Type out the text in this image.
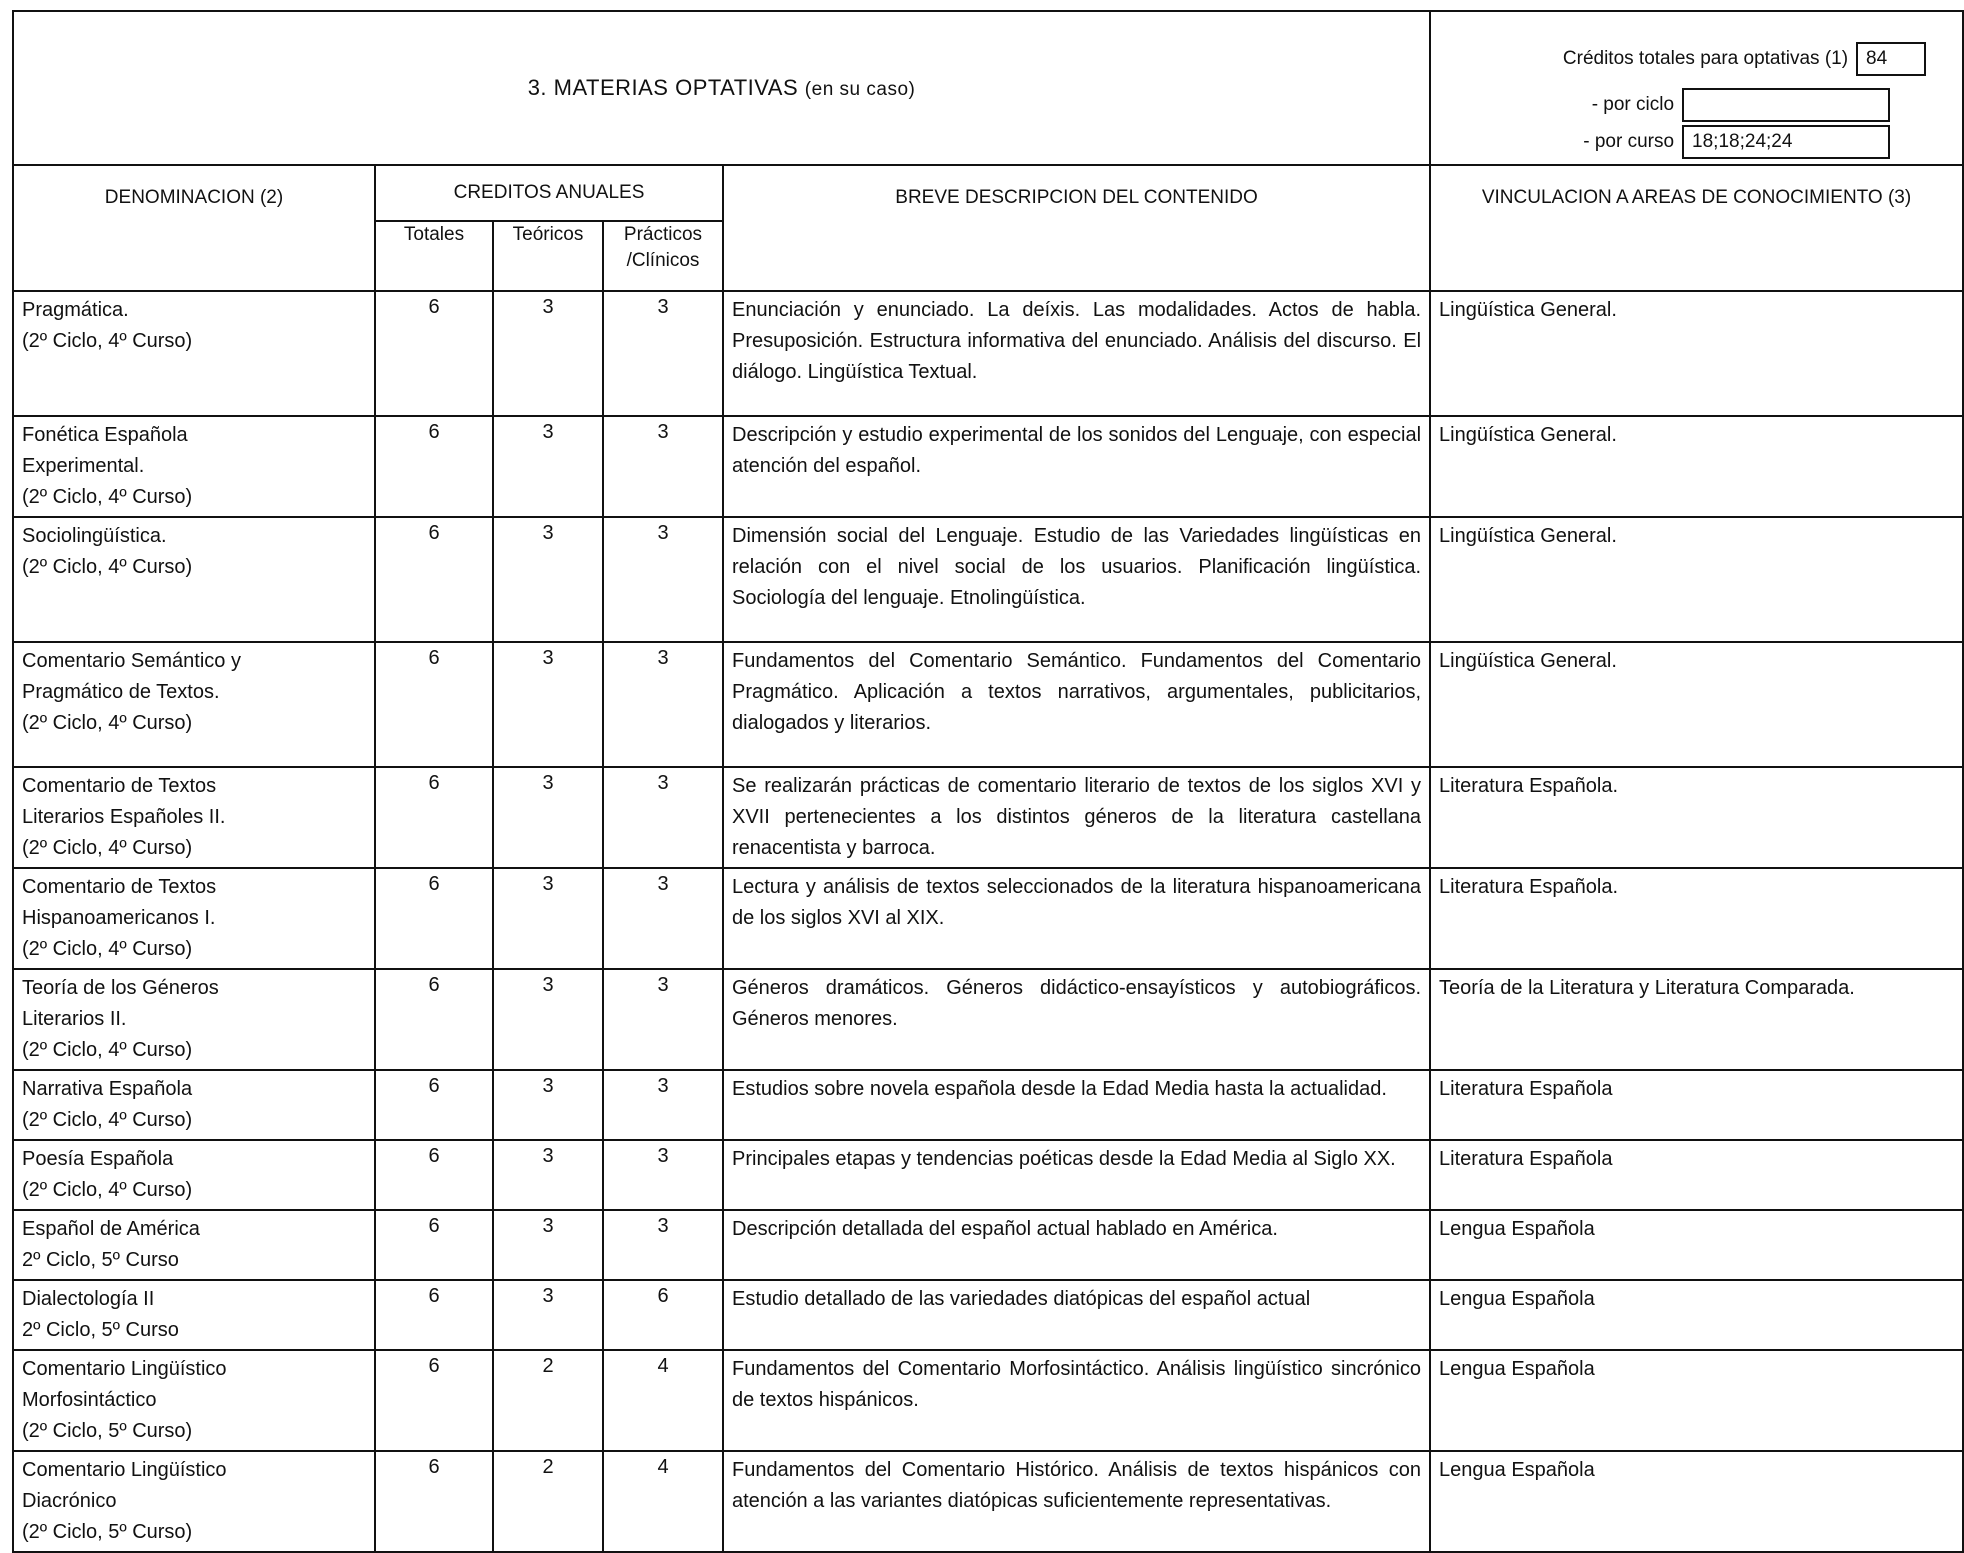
3. MATERIAS OPTATIVAS (en su caso)					Créditos totales para optativas (1) 84
- por ciclo
- por curso 18;18;24;24

DENOMINACION (2)	CREDITOS ANUALES			BREVE DESCRIPCION DEL CONTENIDO	VINCULACION A AREAS DE CONOCIMIENTO (3)
	Totales	Teóricos	Prácticos /Clínicos		
Pragmática.
(2º Ciclo, 4º Curso)	6	3	3	Enunciación y enunciado. La deíxis. Las modalidades. Actos de habla. Presuposición. Estructura informativa del enunciado. Análisis del discurso. El diálogo. Lingüística Textual.	Lingüística General.
Fonética Española
Experimental.
(2º Ciclo, 4º Curso)	6	3	3	Descripción y estudio experimental de los sonidos del Lenguaje, con especial atención del español.	Lingüística General.
Sociolingüística.
(2º Ciclo, 4º Curso)	6	3	3	Dimensión social del Lenguaje. Estudio de las Variedades lingüísticas en relación con el nivel social de los usuarios. Planificación lingüística. Sociología del lenguaje. Etnolingüística.	Lingüística General.
Comentario Semántico y
Pragmático de Textos.
(2º Ciclo, 4º Curso)	6	3	3	Fundamentos del Comentario Semántico. Fundamentos del Comentario Pragmático. Aplicación a textos narrativos, argumentales, publicitarios, dialogados y literarios.	Lingüística General.
Comentario de Textos
Literarios Españoles II.
(2º Ciclo, 4º Curso)	6	3	3	Se realizarán prácticas de comentario literario de textos de los siglos XVI y XVII pertenecientes a los distintos géneros de la literatura castellana renacentista y barroca.	Literatura Española.
Comentario de Textos
Hispanoamericanos I.
(2º Ciclo, 4º Curso)	6	3	3	Lectura y análisis de textos seleccionados de la literatura hispanoamericana de los siglos XVI al XIX.	Literatura Española.
Teoría de los Géneros
Literarios II.
(2º Ciclo, 4º Curso)	6	3	3	Géneros dramáticos. Géneros didáctico-ensayísticos y autobiográficos. Géneros menores.	Teoría de la Literatura y Literatura Comparada.
Narrativa Española
(2º Ciclo, 4º Curso)	6	3	3	Estudios sobre novela española desde la Edad Media hasta la actualidad.	Literatura Española
Poesía Española
(2º Ciclo, 4º Curso)	6	3	3	Principales etapas y tendencias poéticas desde la Edad Media al Siglo XX.	Literatura Española
Español de América
2º Ciclo, 5º Curso	6	3	3	Descripción detallada del español actual hablado en América.	Lengua Española
Dialectología II
2º Ciclo, 5º Curso	6	3	6	Estudio detallado de las variedades diatópicas del español actual	Lengua Española
Comentario Lingüístico
Morfosintáctico
(2º Ciclo, 5º Curso)	6	2	4	Fundamentos del Comentario Morfosintáctico. Análisis lingüístico sincrónico de textos hispánicos.	Lengua Española
Comentario Lingüístico
Diacrónico
(2º Ciclo, 5º Curso)	6	2	4	Fundamentos del Comentario Histórico. Análisis de textos hispánicos con atención a las variantes diatópicas suficientemente representativas.	Lengua Española
